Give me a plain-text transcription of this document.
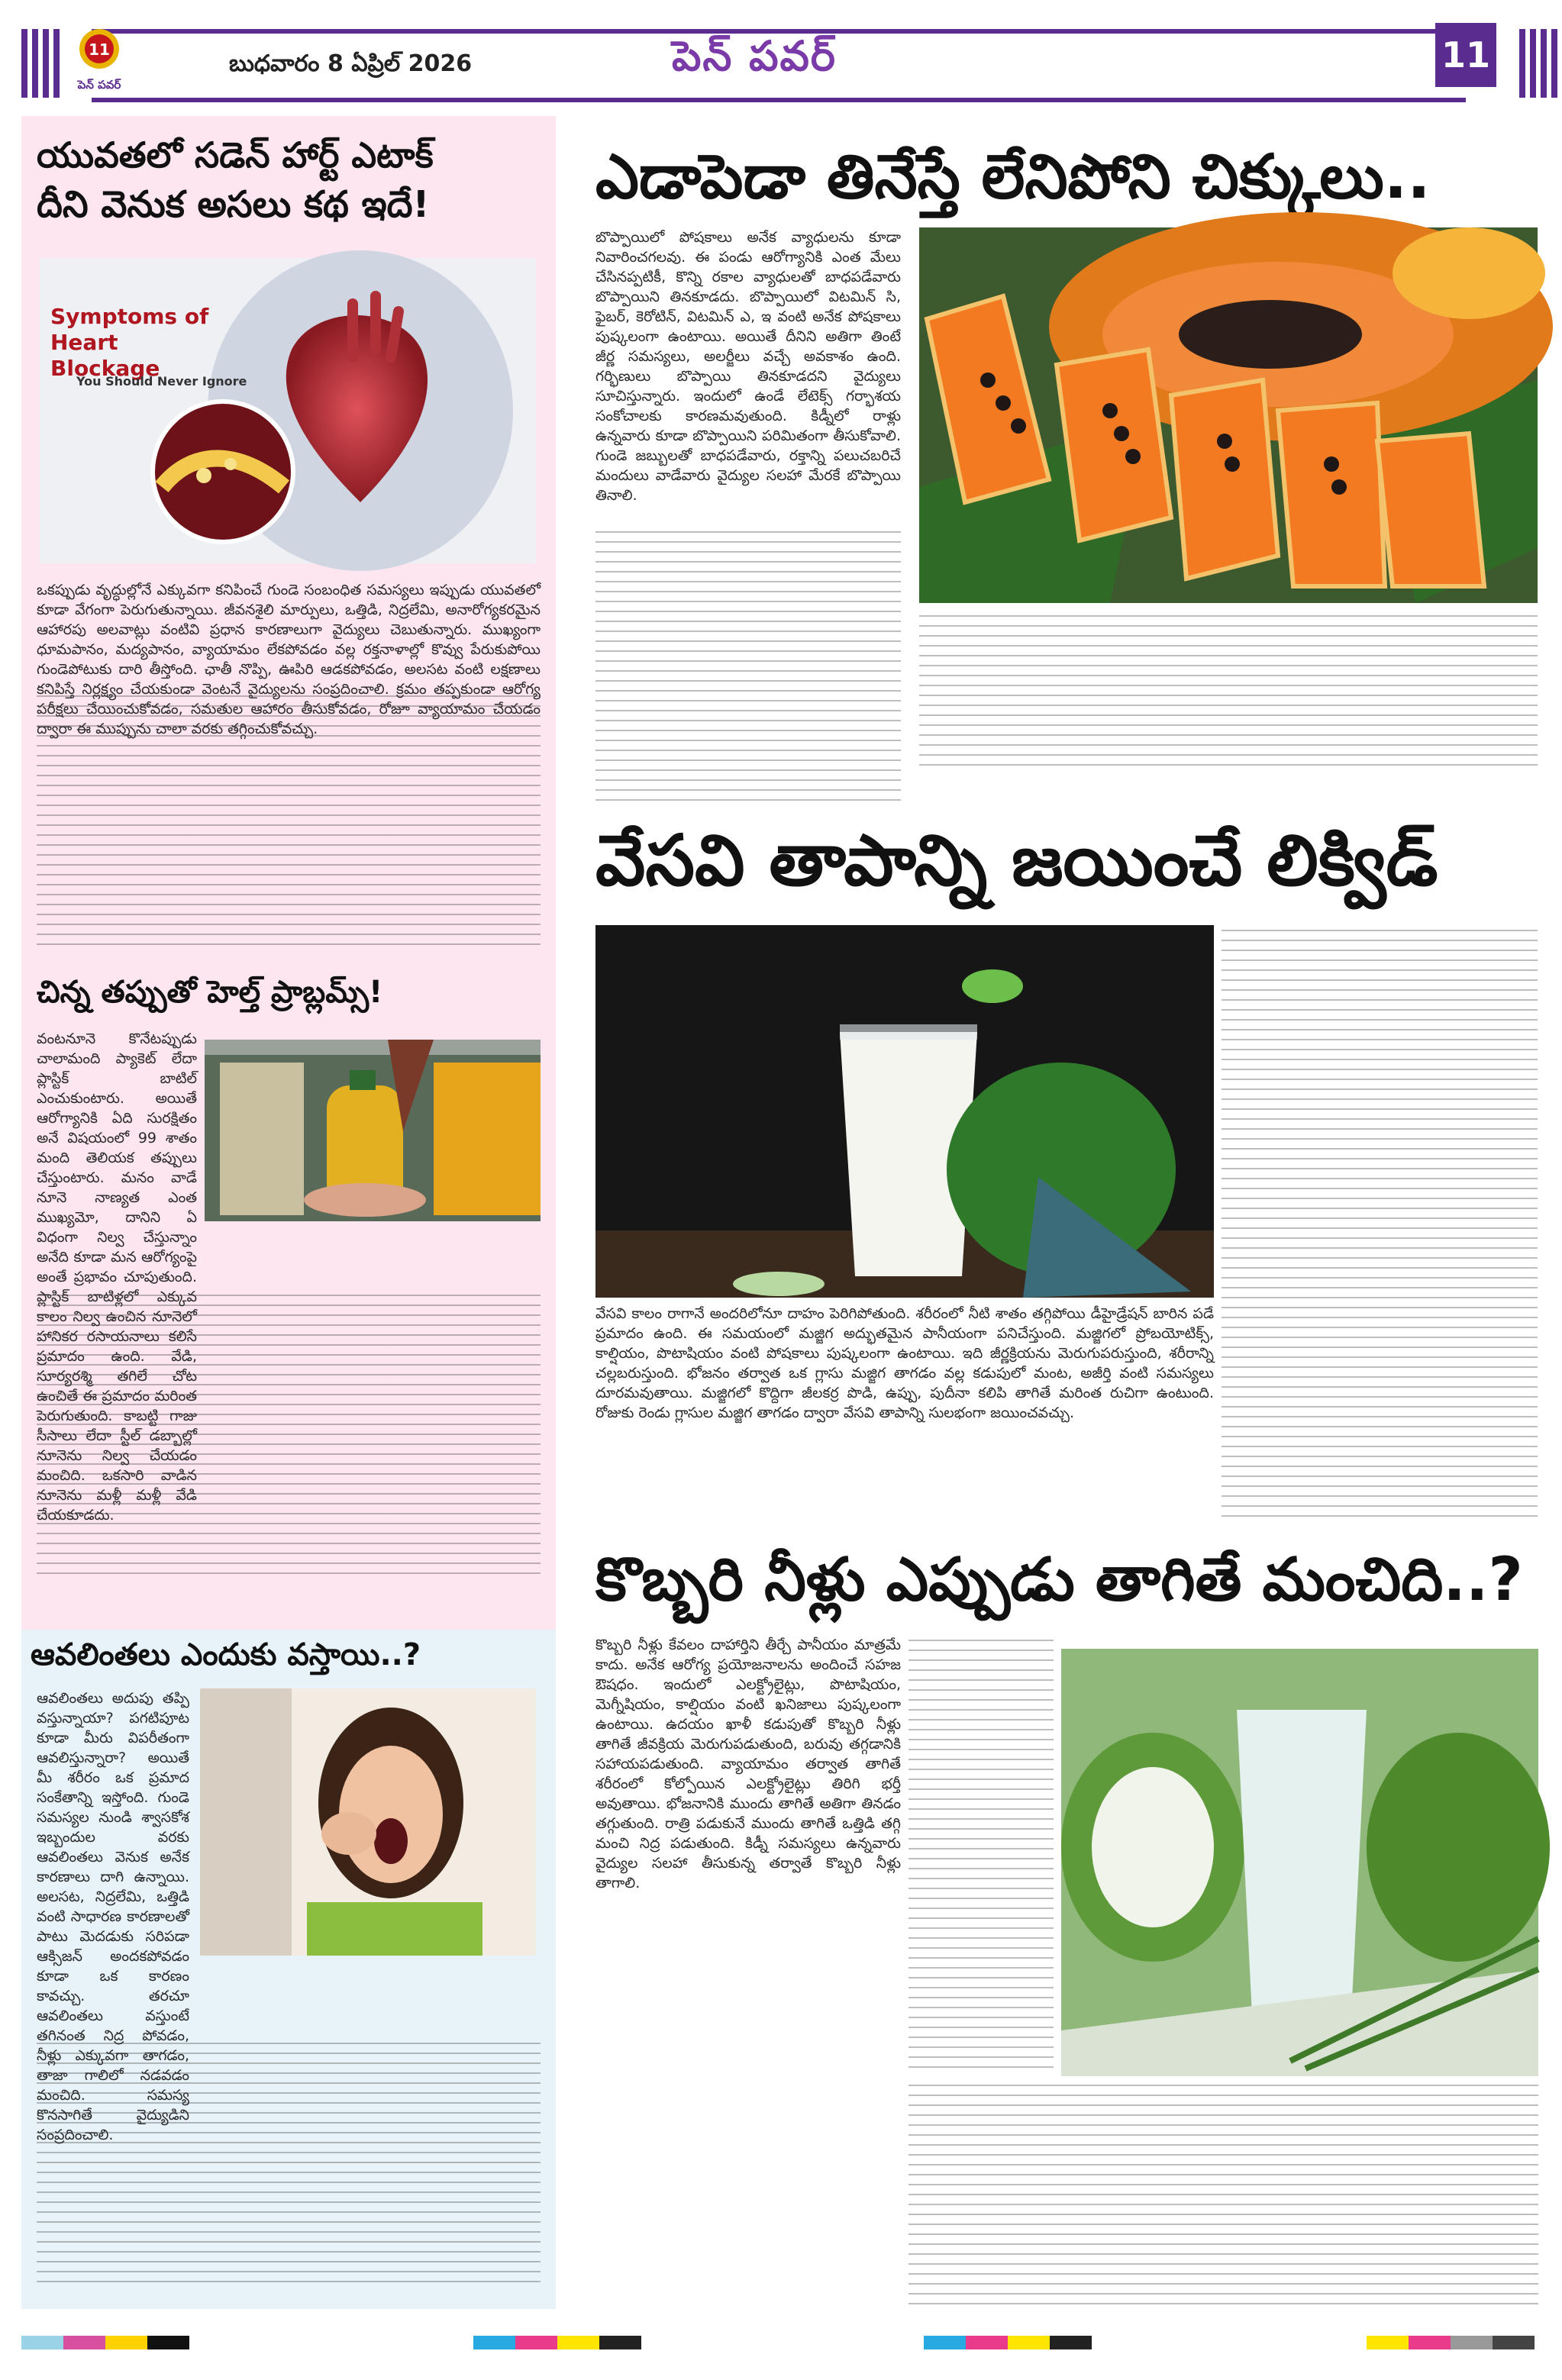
11
పెన్ పవర్
బుధవారం 8 ఏప్రిల్ 2026	పెన్ పవర్	11
యువతలో సడెన్ హార్ట్ ఎటాక్
దీని వెనుక అసలు కథ ఇదే!
Symptoms of Heart Blockage
You Should Never Ignore

ఒకప్పుడు వృద్ధుల్లోనే ఎక్కువగా కనిపించే గుండె సంబంధిత సమస్యలు ఇప్పుడు యువతలో కూడా వేగంగా పెరుగుతున్నాయి. జీవనశైలి మార్పులు, ఒత్తిడి, నిద్రలేమి, అనారోగ్యకరమైన ఆహారపు అలవాట్లు వంటివి ప్రధాన కారణాలుగా వైద్యులు చెబుతున్నారు. ముఖ్యంగా ధూమపానం, మద్యపానం, వ్యాయామం లేకపోవడం వల్ల రక్తనాళాల్లో కొవ్వు పేరుకుపోయి గుండెపోటుకు దారి తీస్తోంది. ఛాతీ నొప్పి, ఊపిరి ఆడకపోవడం, అలసట వంటి లక్షణాలు కనిపిస్తే నిర్లక్ష్యం చేయకుండా వెంటనే వైద్యులను సంప్రదించాలి. క్రమం తప్పకుండా ఆరోగ్య పరీక్షలు చేయించుకోవడం, సమతుల ఆహారం తీసుకోవడం, రోజూ వ్యాయామం చేయడం ద్వారా ఈ ముప్పును చాలా వరకు తగ్గించుకోవచ్చు.

చిన్న తప్పుతో హెల్త్ ప్రాబ్లమ్స్!

వంటనూనె కొనేటప్పుడు చాలామంది ప్యాకెట్ లేదా ప్లాస్టిక్ బాటిల్ ఎంచుకుంటారు. అయితే ఆరోగ్యానికి ఏది సురక్షితం అనే విషయంలో 99 శాతం మంది తెలియక తప్పులు చేస్తుంటారు. మనం వాడే నూనె నాణ్యత ఎంత ముఖ్యమో, దానిని ఏ విధంగా నిల్వ చేస్తున్నాం అనేది కూడా మన ఆరోగ్యంపై అంతే ప్రభావం చూపుతుంది. ప్లాస్టిక్ బాటిళ్లలో ఎక్కువ కాలం నిల్వ ఉంచిన నూనెలో హానికర రసాయనాలు కలిసే ప్రమాదం ఉంది. వేడి, సూర్యరశ్మి తగిలే చోట ఉంచితే ఈ ప్రమాదం మరింత పెరుగుతుంది. కాబట్టి గాజు సీసాలు లేదా స్టీల్ డబ్బాల్లో నూనెను నిల్వ చేయడం మంచిది. ఒకసారి వాడిన నూనెను మళ్లీ మళ్లీ వేడి చేయకూడదు.

ఆవలింతలు ఎందుకు వస్తాయి..?

ఆవలింతలు అదుపు తప్పి వస్తున్నాయా? పగటిపూట కూడా మీరు విపరీతంగా ఆవలిస్తున్నారా? అయితే మీ శరీరం ఒక ప్రమాద సంకేతాన్ని ఇస్తోంది. గుండె సమస్యల నుండి శ్వాసకోశ ఇబ్బందుల వరకు ఆవలింతలు వెనుక అనేక కారణాలు దాగి ఉన్నాయి. అలసట, నిద్రలేమి, ఒత్తిడి వంటి సాధారణ కారణాలతో పాటు మెదడుకు సరిపడా ఆక్సిజన్ అందకపోవడం కూడా ఒక కారణం కావచ్చు. తరచూ ఆవలింతలు వస్తుంటే తగినంత నిద్ర పోవడం, నీళ్లు ఎక్కువగా తాగడం, తాజా గాలిలో నడవడం మంచిది. సమస్య కొనసాగితే వైద్యుడిని సంప్రదించాలి.

ఎడాపెడా తినేస్తే లేనిపోని చిక్కులు..

బొప్పాయిలో పోషకాలు అనేక వ్యాధులను కూడా నివారించగలవు. ఈ పండు ఆరోగ్యానికి ఎంత మేలు చేసినప్పటికీ, కొన్ని రకాల వ్యాధులతో బాధపడేవారు బొప్పాయిని తినకూడదు. బొప్పాయిలో విటమిన్ సి, ఫైబర్, కెరోటిన్, విటమిన్ ఎ, ఇ వంటి అనేక పోషకాలు పుష్కలంగా ఉంటాయి. అయితే దీనిని అతిగా తింటే జీర్ణ సమస్యలు, అలర్జీలు వచ్చే అవకాశం ఉంది. గర్భిణులు బొప్పాయి తినకూడదని వైద్యులు సూచిస్తున్నారు. ఇందులో ఉండే లేటెక్స్ గర్భాశయ సంకోచాలకు కారణమవుతుంది. కిడ్నీలో రాళ్లు ఉన్నవారు కూడా బొప్పాయిని పరిమితంగా తీసుకోవాలి. గుండె జబ్బులతో బాధపడేవారు, రక్తాన్ని పలుచబరిచే మందులు వాడేవారు వైద్యుల సలహా మేరకే బొప్పాయి తినాలి.

వేసవి తాపాన్ని జయించే లిక్విడ్

వేసవి కాలం రాగానే అందరిలోనూ దాహం పెరిగిపోతుంది. శరీరంలో నీటి శాతం తగ్గిపోయి డీహైడ్రేషన్ బారిన పడే ప్రమాదం ఉంది. ఈ సమయంలో మజ్జిగ అద్భుతమైన పానీయంగా పనిచేస్తుంది. మజ్జిగలో ప్రోబయోటిక్స్, కాల్షియం, పొటాషియం వంటి పోషకాలు పుష్కలంగా ఉంటాయి. ఇది జీర్ణక్రియను మెరుగుపరుస్తుంది, శరీరాన్ని చల్లబరుస్తుంది. భోజనం తర్వాత ఒక గ్లాసు మజ్జిగ తాగడం వల్ల కడుపులో మంట, అజీర్తి వంటి సమస్యలు దూరమవుతాయి. మజ్జిగలో కొద్దిగా జీలకర్ర పొడి, ఉప్పు, పుదీనా కలిపి తాగితే మరింత రుచిగా ఉంటుంది. రోజుకు రెండు గ్లాసుల మజ్జిగ తాగడం ద్వారా వేసవి తాపాన్ని సులభంగా జయించవచ్చు.

కొబ్బరి నీళ్లు ఎప్పుడు తాగితే మంచిది..?

కొబ్బరి నీళ్లు కేవలం దాహార్తిని తీర్చే పానీయం మాత్రమే కాదు. అనేక ఆరోగ్య ప్రయోజనాలను అందించే సహజ ఔషధం. ఇందులో ఎలక్ట్రోలైట్లు, పొటాషియం, మెగ్నీషియం, కాల్షియం వంటి ఖనిజాలు పుష్కలంగా ఉంటాయి. ఉదయం ఖాళీ కడుపుతో కొబ్బరి నీళ్లు తాగితే జీవక్రియ మెరుగుపడుతుంది, బరువు తగ్గడానికి సహాయపడుతుంది. వ్యాయామం తర్వాత తాగితే శరీరంలో కోల్పోయిన ఎలక్ట్రోలైట్లు తిరిగి భర్తీ అవుతాయి. భోజనానికి ముందు తాగితే అతిగా తినడం తగ్గుతుంది. రాత్రి పడుకునే ముందు తాగితే ఒత్తిడి తగ్గి మంచి నిద్ర పడుతుంది. కిడ్నీ సమస్యలు ఉన్నవారు వైద్యుల సలహా తీసుకున్న తర్వాతే కొబ్బరి నీళ్లు తాగాలి.
